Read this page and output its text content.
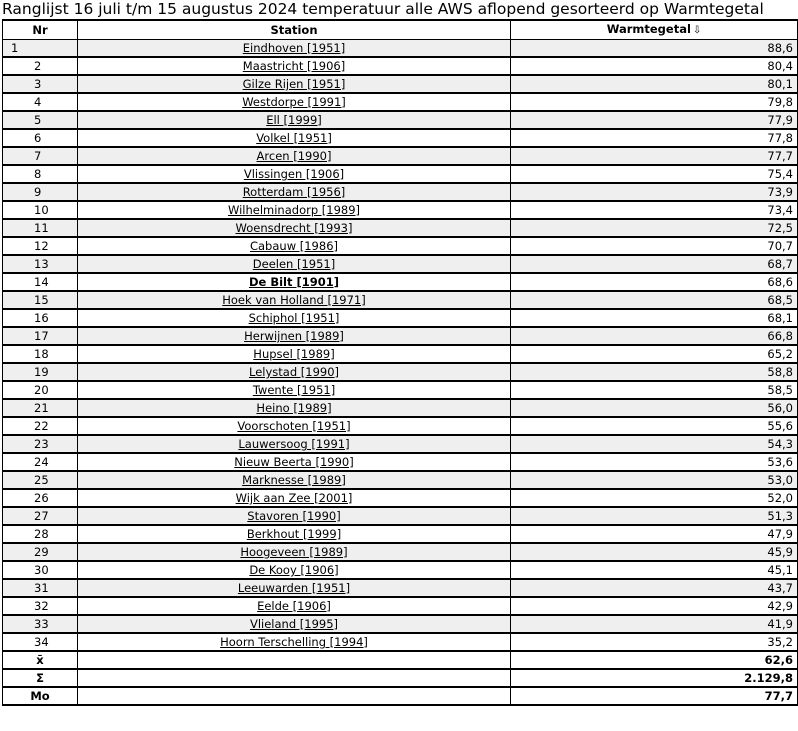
Ranglijst 16 juli t/m 15 augustus 2024 temperatuur alle AWS aflopend gesorteerd op Warmtegetal
Nr	Station	Warmtegetal ⇩
1	Eindhoven [1951]	88,6
2	Maastricht [1906]	80,4
3	Gilze Rijen [1951]	80,1
4	Westdorpe [1991]	79,8
5	Ell [1999]	77,9
6	Volkel [1951]	77,8
7	Arcen [1990]	77,7
8	Vlissingen [1906]	75,4
9	Rotterdam [1956]	73,9
10	Wilhelminadorp [1989]	73,4
11	Woensdrecht [1993]	72,5
12	Cabauw [1986]	70,7
13	Deelen [1951]	68,7
14	De Bilt [1901]	68,6
15	Hoek van Holland [1971]	68,5
16	Schiphol [1951]	68,1
17	Herwijnen [1989]	66,8
18	Hupsel [1989]	65,2
19	Lelystad [1990]	58,8
20	Twente [1951]	58,5
21	Heino [1989]	56,0
22	Voorschoten [1951]	55,6
23	Lauwersoog [1991]	54,3
24	Nieuw Beerta [1990]	53,6
25	Marknesse [1989]	53,0
26	Wijk aan Zee [2001]	52,0
27	Stavoren [1990]	51,3
28	Berkhout [1999]	47,9
29	Hoogeveen [1989]	45,9
30	De Kooy [1906]	45,1
31	Leeuwarden [1951]	43,7
32	Eelde [1906]	42,9
33	Vlieland [1995]	41,9
34	Hoorn Terschelling [1994]	35,2
x̄		62,6
Σ		2.129,8
Mo		77,7
